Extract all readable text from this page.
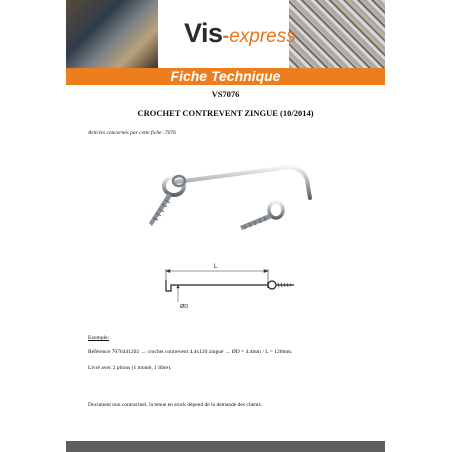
Vis-express
Fiche Technique
VS7076
CROCHET CONTREVENT ZINGUE (10/2014)
Articles concernés par cette fiche :7076
L
ØD
Exemple:
Référence 7076441202 → crochet contrevent 4.4x120 zingué → ØD = 4.4mm / L = 120mm.
Livré avec 2 pitons (1 monté, 1 libre).
Document non contractuel, la tenue en stock dépend de la demande des clients.
